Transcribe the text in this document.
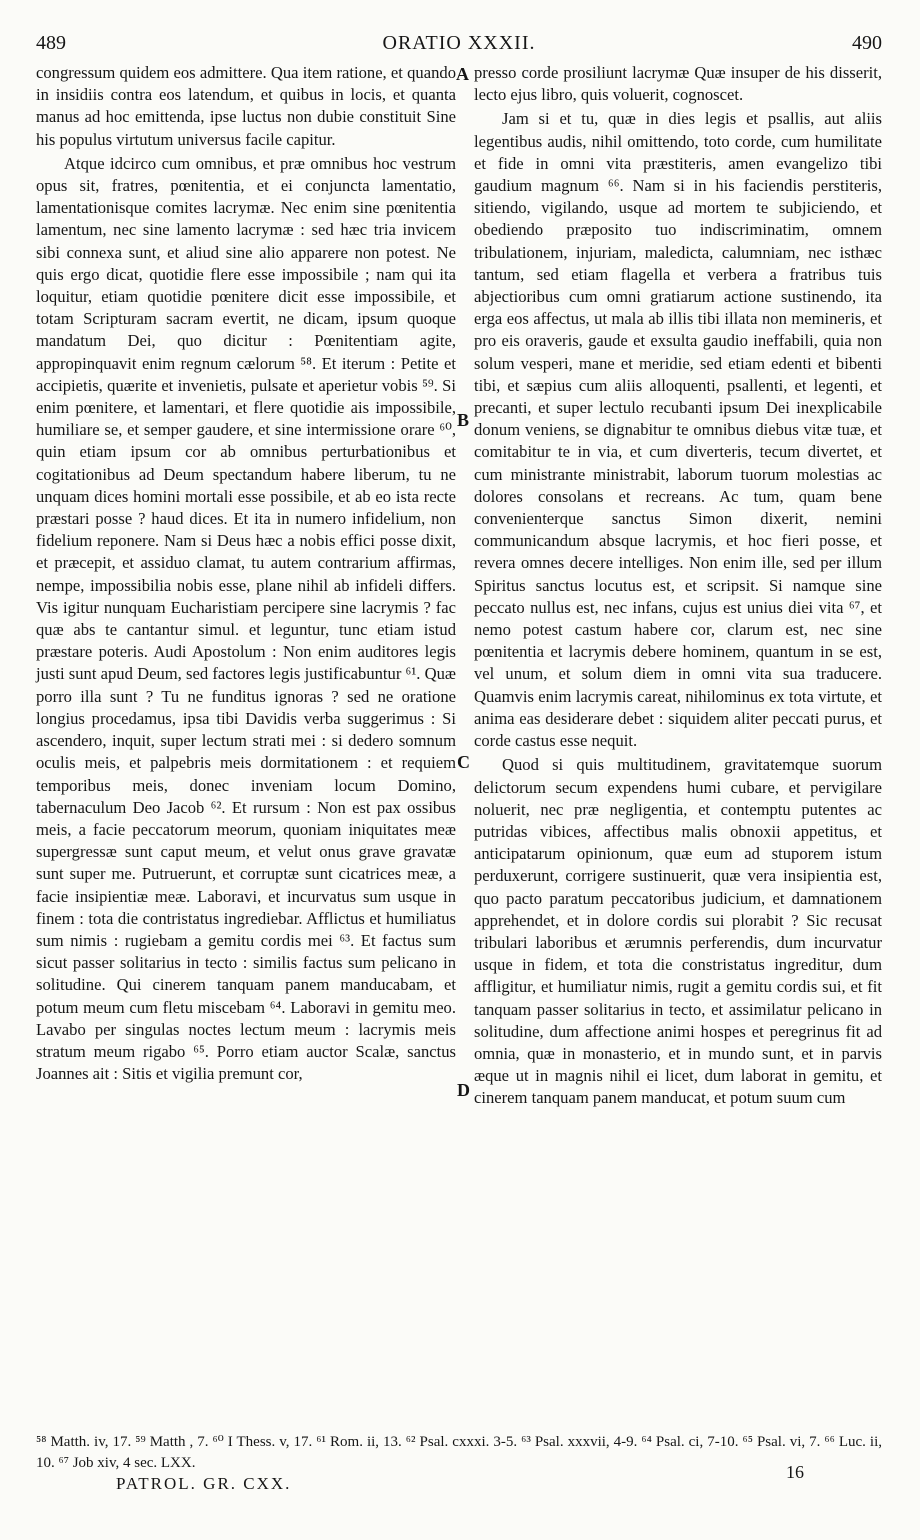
489	ORATIO XXXII.	490

congressum quidem eos admittere. Qua item ratione, et quando in insidiis contra eos latendum, et quibus in locis, et quanta manus ad hoc emittenda, ipse luctus non dubie constituit Sine his populus virtutum universus facile capitur.

Atque idcirco cum omnibus, et præ omnibus hoc vestrum opus sit, fratres, pœnitentia, et ei conjuncta lamentatio, lamentationisque comites lacrymæ. Nec enim sine pœnitentia lamentum, nec sine lamento lacrymæ : sed hæc tria invicem sibi connexa sunt, et aliud sine alio apparere non potest. Ne quis ergo dicat, quotidie flere esse impossibile ; nam qui ita loquitur, etiam quotidie pœnitere dicit esse impossibile, et totam Scripturam sacram evertit, ne dicam, ipsum quoque mandatum Dei, quo dicitur : Pœnitentiam agite, appropinquavit enim regnum cælorum ⁵⁸. Et iterum : Petite et accipietis, quærite et invenietis, pulsate et aperietur vobis ⁵⁹. Si enim pœnitere, et lamentari, et flere quotidie ais impossibile, humiliare se, et semper gaudere, et sine intermissione orare ⁶⁰, quin etiam ipsum cor ab omnibus perturbationibus et cogitationibus ad Deum spectandum habere liberum, tu ne unquam dices homini mortali esse possibile, et ab eo ista recte præstari posse ? haud dices. Et ita in numero infidelium, non fidelium reponere. Nam si Deus hæc a nobis effici posse dixit, et præcepit, et assiduo clamat, tu autem contrarium affirmas, nempe, impossibilia nobis esse, plane nihil ab infideli differs. Vis igitur nunquam Eucharistiam percipere sine lacrymis ? fac quæ abs te cantantur simul. et leguntur, tunc etiam istud præstare poteris. Audi Apostolum : Non enim auditores legis justi sunt apud Deum, sed factores legis justificabuntur ⁶¹. Quæ porro illa sunt ? Tu ne funditus ignoras ? sed ne oratione longius procedamus, ipsa tibi Davidis verba suggerimus : Si ascendero, inquit, super lectum strati mei : si dedero somnum oculis meis, et palpebris meis dormitationem : et requiem temporibus meis, donec inveniam locum Domino, tabernaculum Deo Jacob ⁶². Et rursum : Non est pax ossibus meis, a facie peccatorum meorum, quoniam iniquitates meæ supergressæ sunt caput meum, et velut onus grave gravatæ sunt super me. Putruerunt, et corruptæ sunt cicatrices meæ, a facie insipientiæ meæ. Laboravi, et incurvatus sum usque in finem : tota die contristatus ingrediebar. Afflictus et humiliatus sum nimis : rugiebam a gemitu cordis mei ⁶³. Et factus sum sicut passer solitarius in tecto : similis factus sum pelicano in solitudine. Qui cinerem tanquam panem manducabam, et potum meum cum fletu miscebam ⁶⁴. Laboravi in gemitu meo. Lavabo per singulas noctes lectum meum : lacrymis meis stratum meum rigabo ⁶⁵. Porro etiam auctor Scalæ, sanctus Joannes ait : Sitis et vigilia premunt cor,

presso corde prosiliunt lacrymæ Quæ insuper de his disserit, lecto ejus libro, quis voluerit, cognoscet.

Jam si et tu, quæ in dies legis et psallis, aut aliis legentibus audis, nihil omittendo, toto corde, cum humilitate et fide in omni vita præstiteris, amen evangelizo tibi gaudium magnum ⁶⁶. Nam si in his faciendis perstiteris, sitiendo, vigilando, usque ad mortem te subjiciendo, et obediendo præposito tuo indiscriminatim, omnem tribulationem, injuriam, maledicta, calumniam, nec isthæc tantum, sed etiam flagella et verbera a fratribus tuis abjectioribus cum omni gratiarum actione sustinendo, ita erga eos affectus, ut mala ab illis tibi illata non memineris, et pro eis oraveris, gaude et exsulta gaudio ineffabili, quia non solum vesperi, mane et meridie, sed etiam edenti et bibenti tibi, et sæpius cum aliis alloquenti, psallenti, et legenti, et precanti, et super lectulo recubanti ipsum Dei inexplicabile donum veniens, se dignabitur te omnibus diebus vitæ tuæ, et comitabitur te in via, et cum diverteris, tecum divertet, et cum ministrante ministrabit, laborum tuorum molestias ac dolores consolans et recreans. Ac tum, quam bene convenienterque sanctus Simon dixerit, nemini communicandum absque lacrymis, et hoc fieri posse, et revera omnes decere intelliges. Non enim ille, sed per illum Spiritus sanctus locutus est, et scripsit. Si namque sine peccato nullus est, nec infans, cujus est unius diei vita ⁶⁷, et nemo potest castum habere cor, clarum est, nec sine pœnitentia et lacrymis debere hominem, quantum in se est, vel unum, et solum diem in omni vita sua traducere. Quamvis enim lacrymis careat, nihilominus ex tota virtute, et anima eas desiderare debet : siquidem aliter peccati purus, et corde castus esse nequit.

Quod si quis multitudinem, gravitatemque suorum delictorum secum expendens humi cubare, et pervigilare noluerit, nec præ negligentia, et contemptu putentes ac putridas vibices, affectibus malis obnoxii appetitus, et anticipatarum opinionum, quæ eum ad stuporem istum perduxerunt, corrigere sustinuerit, quæ vera insipientia est, quo pacto paratum peccatoribus judicium, et damnationem apprehendet, et in dolore cordis sui plorabit ? Sic recusat tribulari laboribus et ærumnis perferendis, dum incurvatur usque in fidem, et tota die constristatus ingreditur, dum affligitur, et humiliatur nimis, rugit a gemitu cordis sui, et fit tanquam passer solitarius in tecto, et assimilatur pelicano in solitudine, dum affectione animi hospes et peregrinus fit ad omnia, quæ in monasterio, et in mundo sunt, et in parvis æque ut in magnis nihil ei licet, dum laborat in gemitu, et cinerem tanquam panem manducat, et potum suum cum

A
B
C
D
⁵⁸ Matth. iv, 17. ⁵⁹ Matth , 7. ⁶⁰ I Thess. v, 17. ⁶¹ Rom. ii, 13. ⁶² Psal. cxxxi. 3-5. ⁶³ Psal. xxxvii, 4-9. ⁶⁴ Psal. ci, 7-10. ⁶⁵ Psal. vi, 7. ⁶⁶ Luc. ii, 10. ⁶⁷ Job xiv, 4 sec. LXX.
PATROL. GR. CXX.
16
